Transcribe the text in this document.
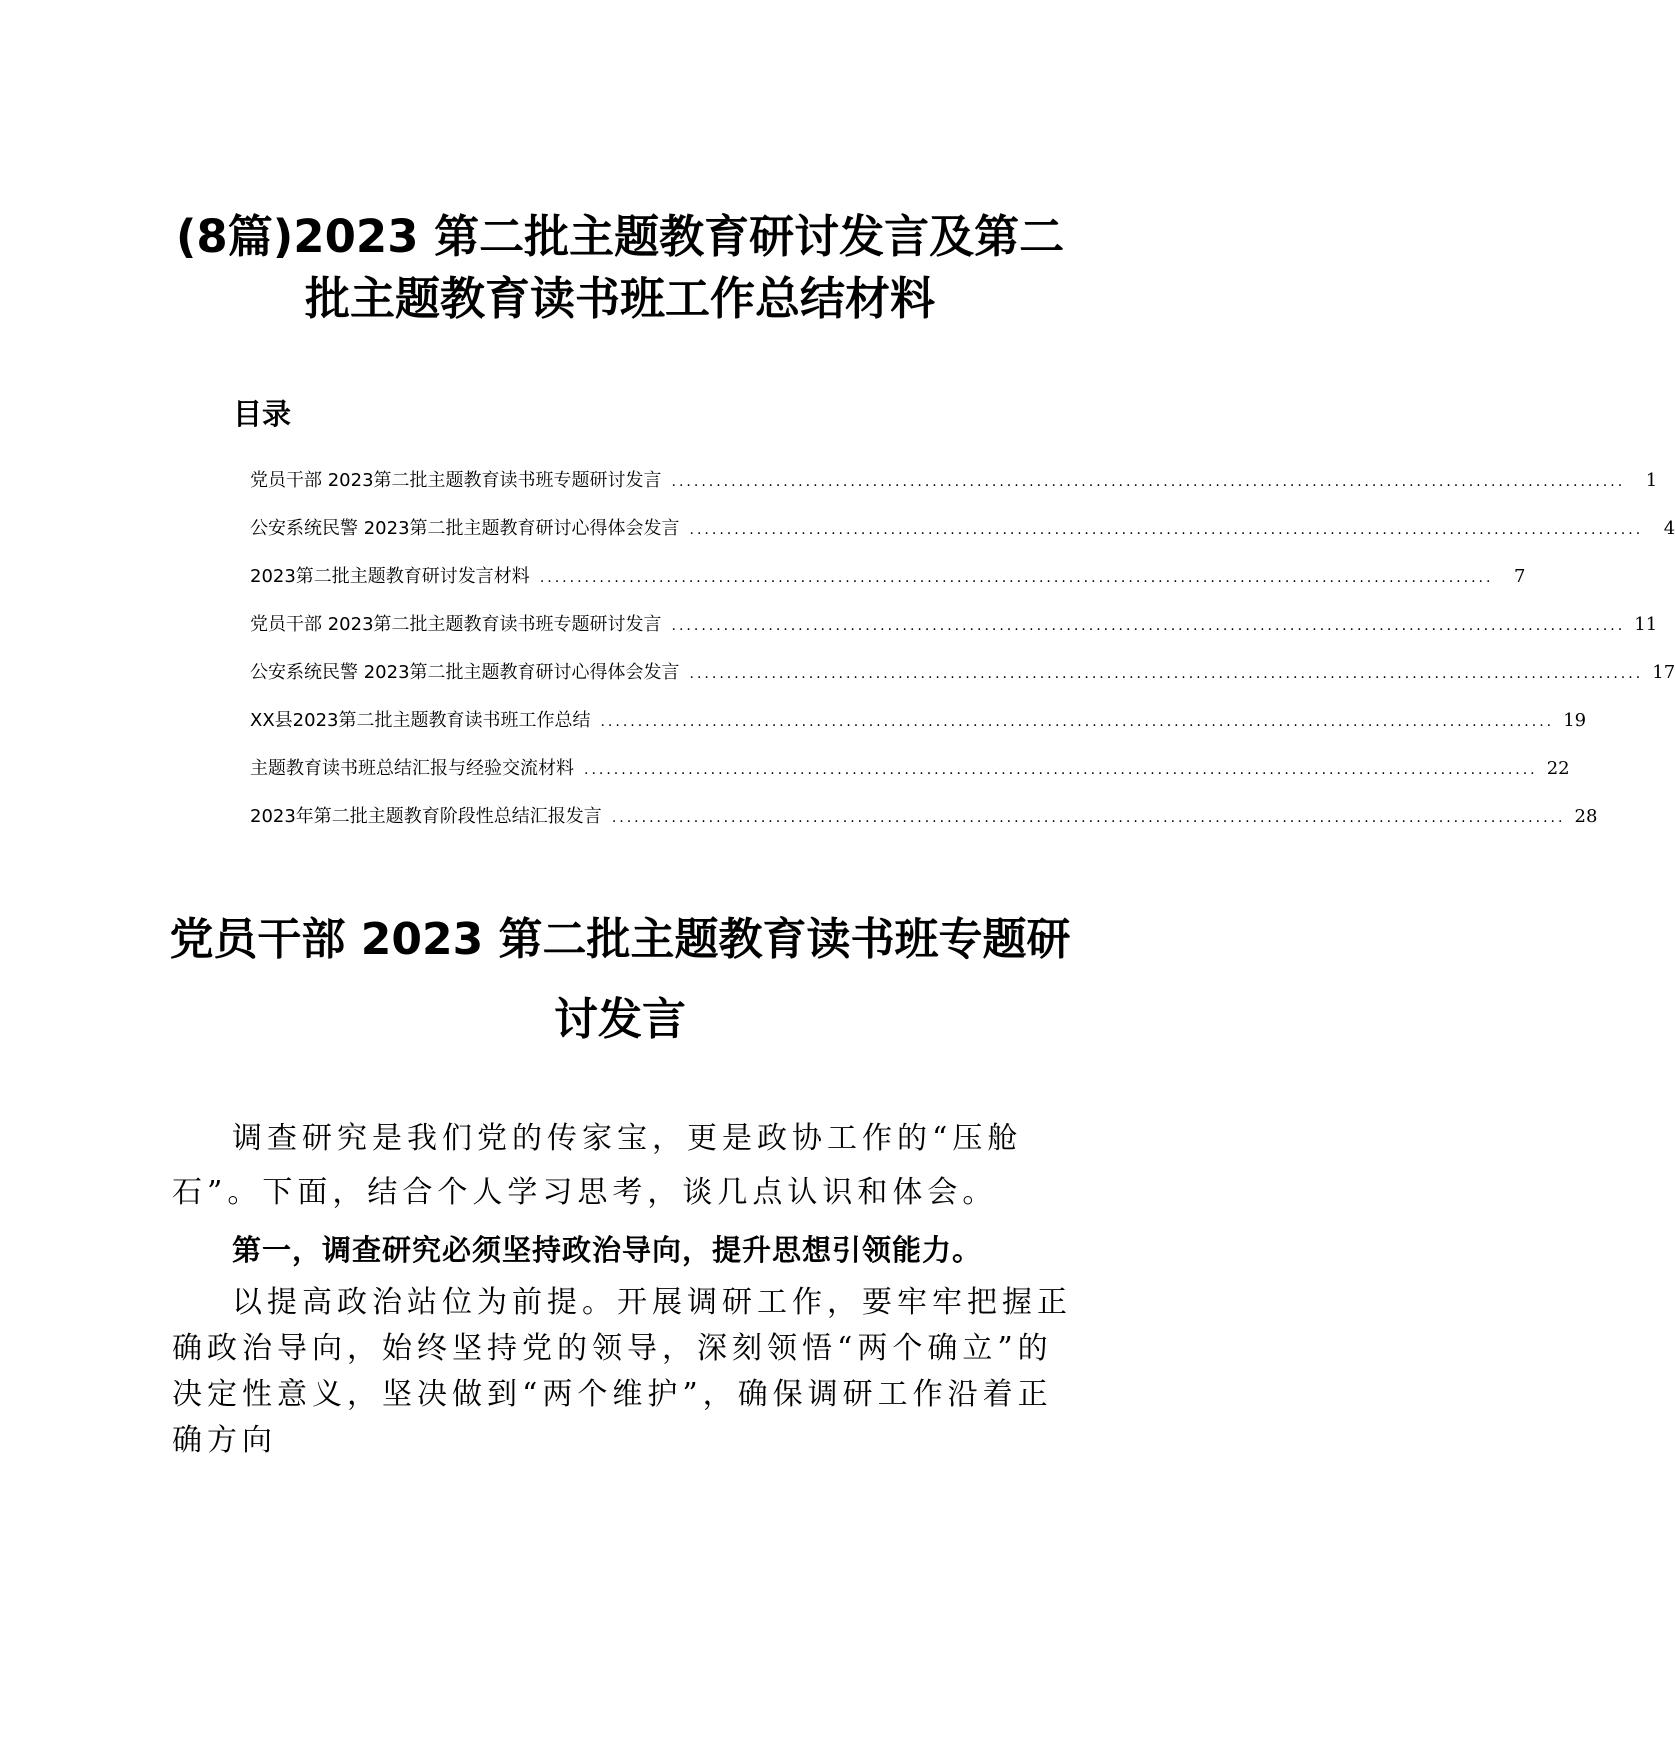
(8篇)2023 第二批主题教育研讨发言及第二
批主题教育读书班工作总结材料
目录
党员干部 2023第二批主题教育读书班专题研讨发言 ................................................................................................................................	1
公安系统民警 2023第二批主题教育研讨心得体会发言 ................................................................................................................................	4
2023第二批主题教育研讨发言材料 ................................................................................................................................	7
党员干部 2023第二批主题教育读书班专题研讨发言 ................................................................................................................................ 11
公安系统民警 2023第二批主题教育研讨心得体会发言 ................................................................................................................................ 17
XX县2023第二批主题教育读书班工作总结 ................................................................................................................................ 19
主题教育读书班总结汇报与经验交流材料 ................................................................................................................................ 22
2023年第二批主题教育阶段性总结汇报发言 ................................................................................................................................ 28
党员干部 2023 第二批主题教育读书班专题研
讨发言

调查研究是我们党的传家宝，更是政协工作的“压舱石”。下面，结合个人学习思考，谈几点认识和体会。

第一，调查研究必须坚持政治导向，提升思想引领能力。

以提高政治站位为前提。开展调研工作，要牢牢把握正确政治导向，始终坚持党的领导，深刻领悟“两个确立”的决定性意义，坚决做到“两个维护”，确保调研工作沿着正确方向
